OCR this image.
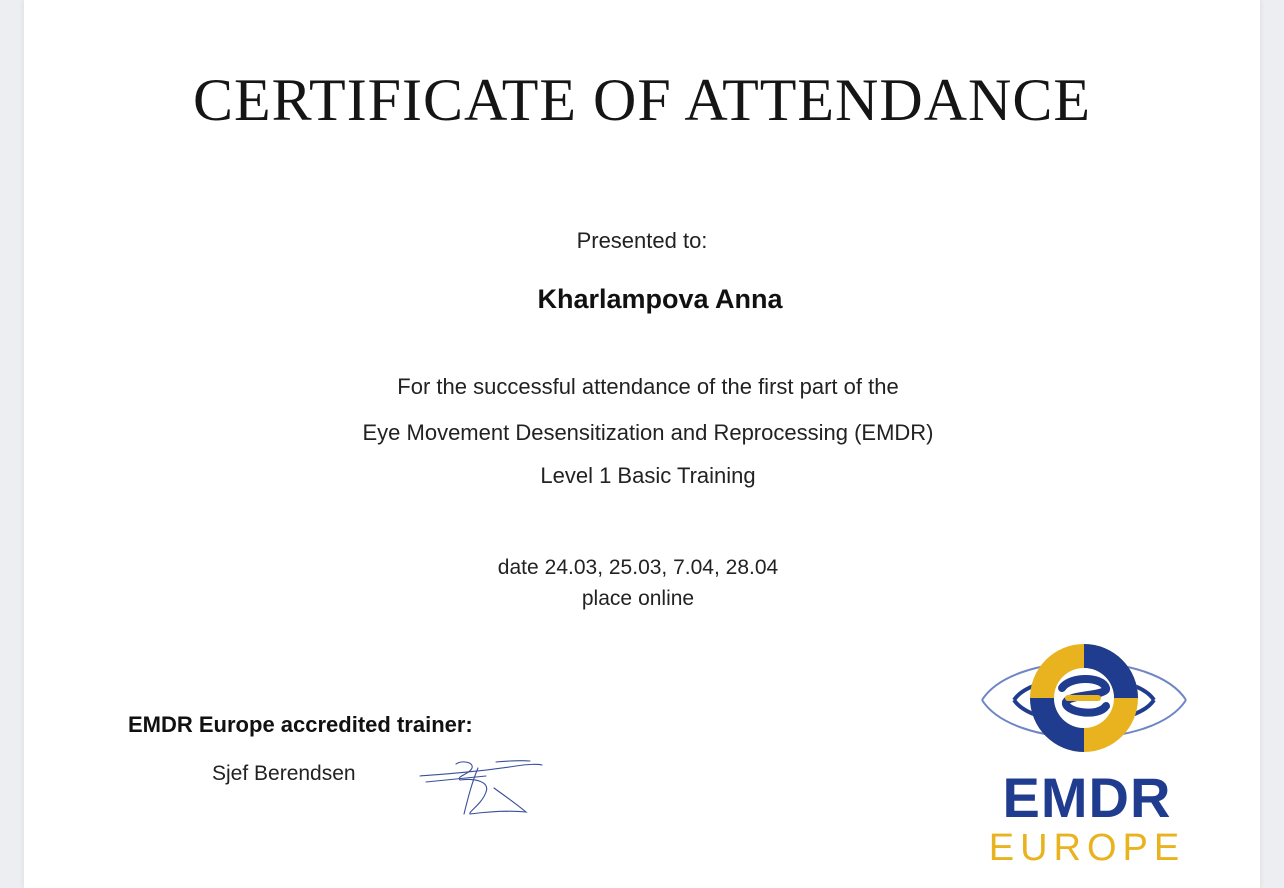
CERTIFICATE OF ATTENDANCE
Presented to:
Kharlampova Anna
For the successful attendance of the first part of the
Eye Movement Desensitization and Reprocessing (EMDR)
Level 1 Basic Training
date 24.03, 25.03, 7.04, 28.04
place online
EMDR Europe accredited trainer:
Sjef Berendsen	EMDR
EUROPE
